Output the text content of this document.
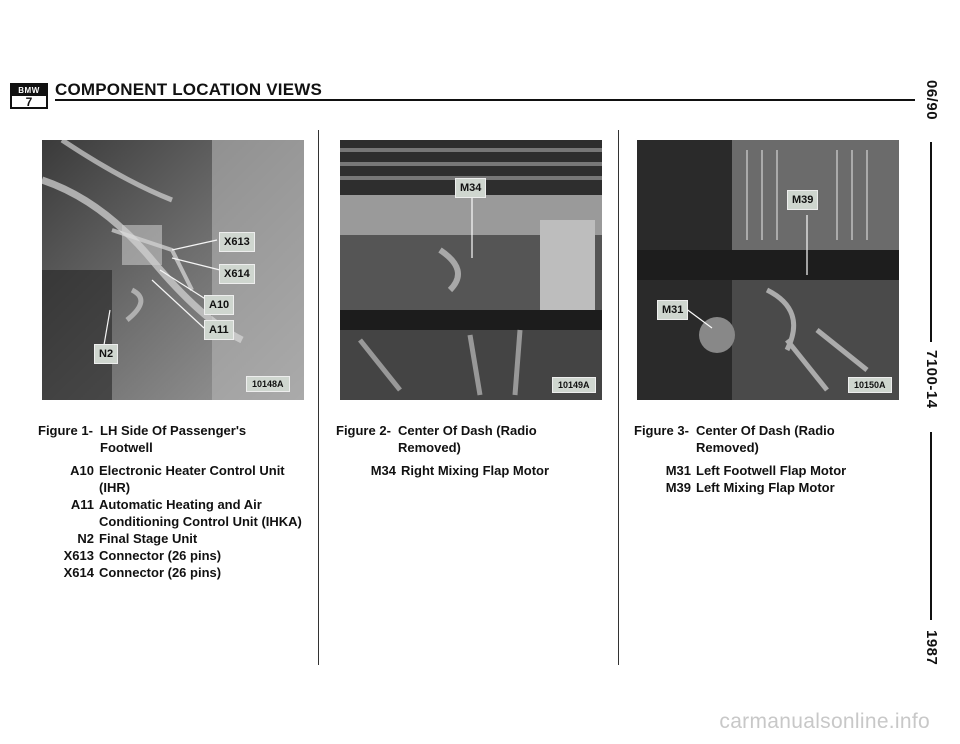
BMW
7
COMPONENT LOCATION VIEWS	06/90
7100-14
1987
X613
X614
A10
A11
N2
10148A
M34
10149A
M39
M31
10150A
Figure 1- LH Side Of Passenger's
Footwell
A10 Electronic Heater Control Unit (IHR)
A11 Automatic Heating and Air Conditioning Control Unit (IHKA)
N2 Final Stage Unit
X613 Connector (26 pins)
X614 Connector (26 pins)
Figure 2- Center Of Dash (Radio
Removed)
M34 Right Mixing Flap Motor
Figure 3- Center Of Dash (Radio
Removed)
M31 Left Footwell Flap Motor
M39 Left Mixing Flap Motor
carmanualsonline.info
